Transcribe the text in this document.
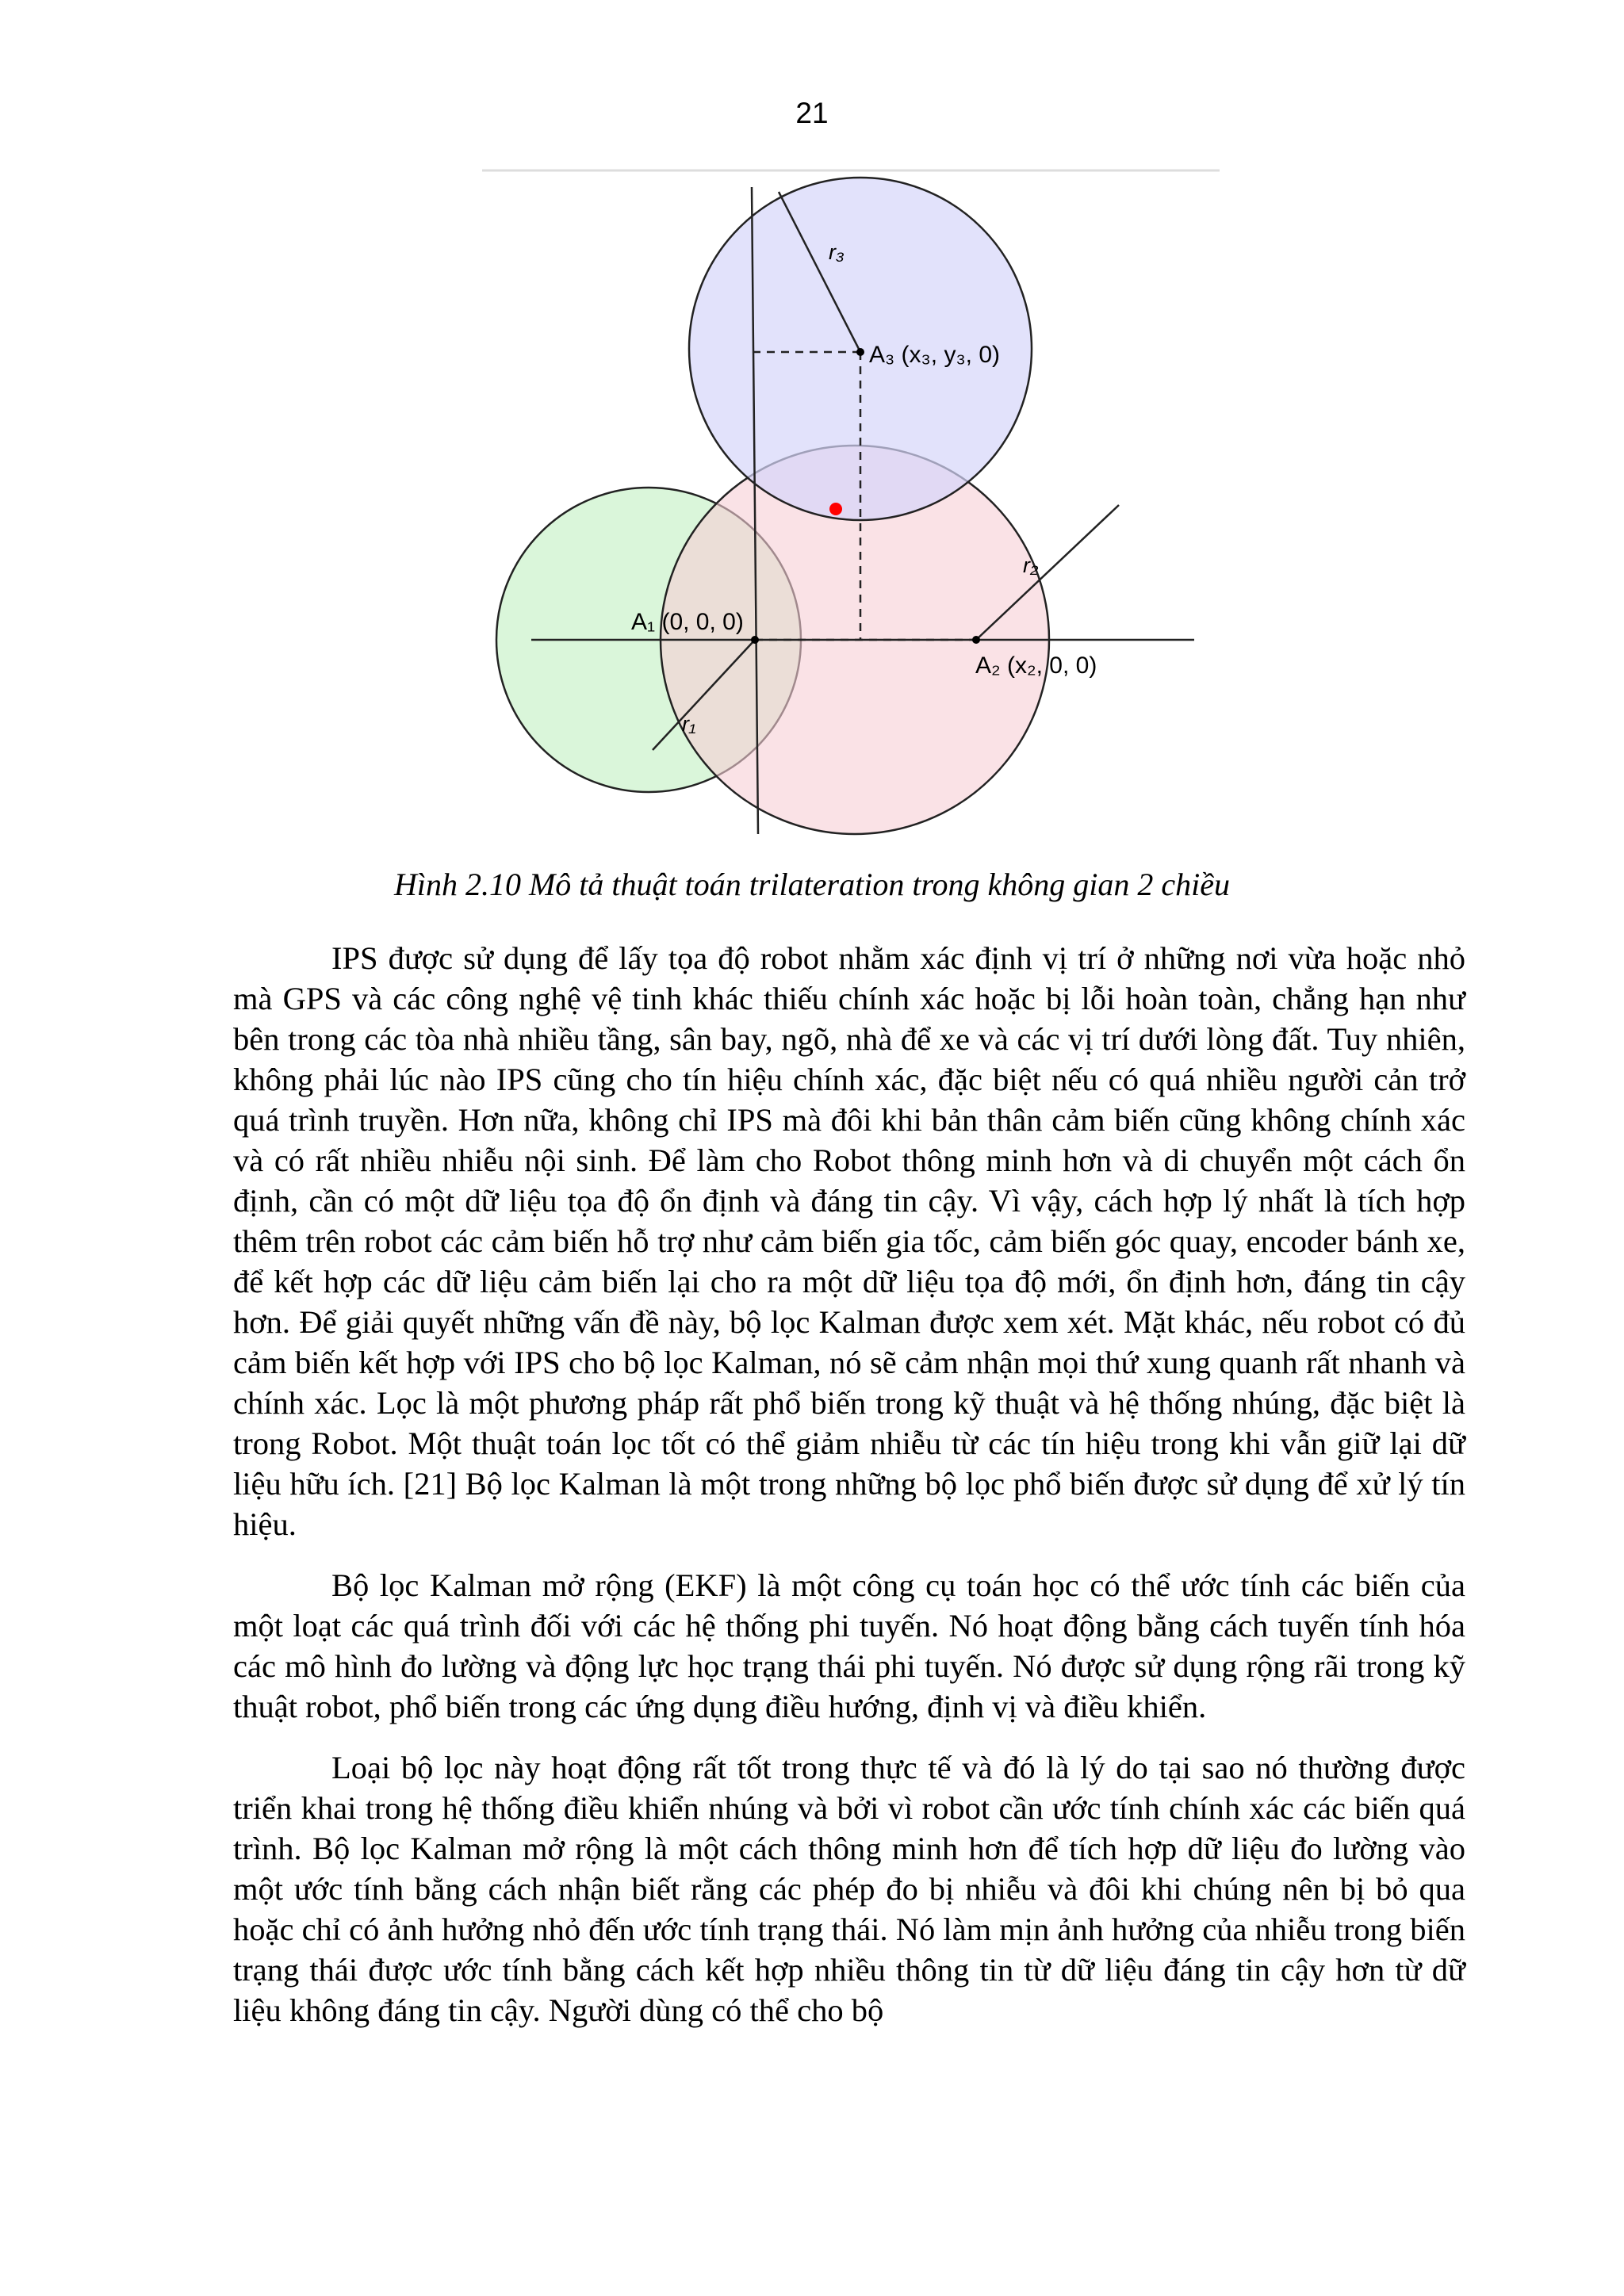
21
A₃ (x₃, y₃, 0)
A₂ (x₂, 0, 0)
A₁ (0, 0, 0)
r₃
r₂
r₁
Hình 2.10 Mô tả thuật toán trilateration trong không gian 2 chiều

IPS được sử dụng để lấy tọa độ robot nhằm xác định vị trí ở những nơi vừa hoặc nhỏ mà GPS và các công nghệ vệ tinh khác thiếu chính xác hoặc bị lỗi hoàn toàn, chẳng hạn như bên trong các tòa nhà nhiều tầng, sân bay, ngõ, nhà để xe và các vị trí dưới lòng đất. Tuy nhiên, không phải lúc nào IPS cũng cho tín hiệu chính xác, đặc biệt nếu có quá nhiều người cản trở quá trình truyền. Hơn nữa, không chỉ IPS mà đôi khi bản thân cảm biến cũng không chính xác và có rất nhiều nhiễu nội sinh. Để làm cho Robot thông minh hơn và di chuyển một cách ổn định, cần có một dữ liệu tọa độ ổn định và đáng tin cậy. Vì vậy, cách hợp lý nhất là tích hợp thêm trên robot các cảm biến hỗ trợ như cảm biến gia tốc, cảm biến góc quay, encoder bánh xe, để kết hợp các dữ liệu cảm biến lại cho ra một dữ liệu tọa độ mới, ổn định hơn, đáng tin cậy hơn. Để giải quyết những vấn đề này, bộ lọc Kalman được xem xét. Mặt khác, nếu robot có đủ cảm biến kết hợp với IPS cho bộ lọc Kalman, nó sẽ cảm nhận mọi thứ xung quanh rất nhanh và chính xác. Lọc là một phương pháp rất phổ biến trong kỹ thuật và hệ thống nhúng, đặc biệt là trong Robot. Một thuật toán lọc tốt có thể giảm nhiễu từ các tín hiệu trong khi vẫn giữ lại dữ liệu hữu ích. [21] Bộ lọc Kalman là một trong những bộ lọc phổ biến được sử dụng để xử lý tín hiệu.

Bộ lọc Kalman mở rộng (EKF) là một công cụ toán học có thể ước tính các biến của một loạt các quá trình đối với các hệ thống phi tuyến. Nó hoạt động bằng cách tuyến tính hóa các mô hình đo lường và động lực học trạng thái phi tuyến. Nó được sử dụng rộng rãi trong kỹ thuật robot, phổ biến trong các ứng dụng điều hướng, định vị và điều khiển.

Loại bộ lọc này hoạt động rất tốt trong thực tế và đó là lý do tại sao nó thường được triển khai trong hệ thống điều khiển nhúng và bởi vì robot cần ước tính chính xác các biến quá trình. Bộ lọc Kalman mở rộng là một cách thông minh hơn để tích hợp dữ liệu đo lường vào một ước tính bằng cách nhận biết rằng các phép đo bị nhiễu và đôi khi chúng nên bị bỏ qua hoặc chỉ có ảnh hưởng nhỏ đến ước tính trạng thái. Nó làm mịn ảnh hưởng của nhiễu trong biến trạng thái được ước tính bằng cách kết hợp nhiều thông tin từ dữ liệu đáng tin cậy hơn từ dữ liệu không đáng tin cậy. Người dùng có thể cho bộ
